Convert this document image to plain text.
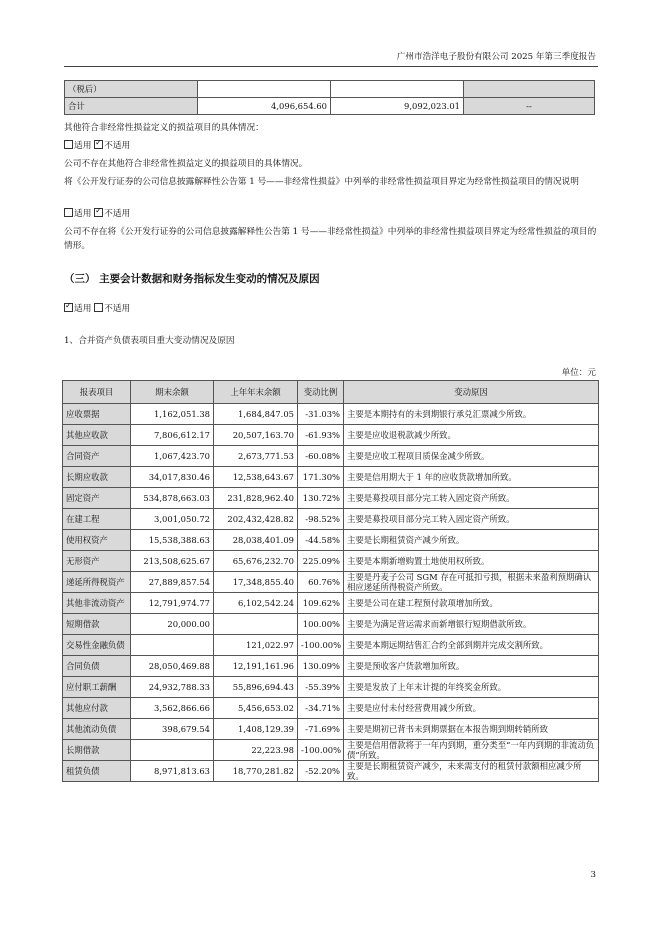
广州市浩洋电子股份有限公司 2025 年第三季度报告
（税后）			
合计	4,096,654.60	9,092,023.01	--
其他符合非经常性损益定义的损益项目的具体情况：
适用 ✓ 不适用
公司不存在其他符合非经常性损益定义的损益项目的具体情况。
将《公开发行证券的公司信息披露解释性公告第 1 号——非经常性损益》中列举的非经常性损益项目界定为经常性损益项目的情况说明
适用 ✓ 不适用
公司不存在将《公开发行证券的公司信息披露解释性公告第 1 号——非经常性损益》中列举的非经常性损益项目界定为经常性损益的项目的情形。
（三） 主要会计数据和财务指标发生变动的情况及原因
✓适用 不适用
1、合并资产负债表项目重大变动情况及原因
单位：元
报表项目	期末余额	上年年末余额	变动比例	变动原因
应收票据	1,162,051.38	1,684,847.05	-31.03%	主要是本期持有的未到期银行承兑汇票减少所致。
其他应收款	7,806,612.17	20,507,163.70	-61.93%	主要是应收退税款减少所致。
合同资产	1,067,423.70	2,673,771.53	-60.08%	主要是应收工程项目质保金减少所致。
长期应收款	34,017,830.46	12,538,643.67	171.30%	主要是信用期大于 1 年的应收货款增加所致。
固定资产	534,878,663.03	231,828,962.40	130.72%	主要是募投项目部分完工转入固定资产所致。
在建工程	3,001,050.72	202,432,428.82	-98.52%	主要是募投项目部分完工转入固定资产所致。
使用权资产	15,538,388.63	28,038,401.09	-44.58%	主要是长期租赁资产减少所致。
无形资产	213,508,625.67	65,676,232.70	225.09%	主要是本期新增购置土地使用权所致。
递延所得税资产	27,889,857.54	17,348,855.40	60.76%	主要是丹麦子公司 SGM 存在可抵扣亏损，根据未来盈利预期确认相应递延所得税资产所致。
其他非流动资产	12,791,974.77	6,102,542.24	109.62%	主要是公司在建工程预付款项增加所致。
短期借款	20,000.00		100.00%	主要是为满足营运需求而新增银行短期借款所致。
交易性金融负债		121,022.97	-100.00%	主要是本期远期结售汇合约全部到期并完成交割所致。
合同负债	28,050,469.88	12,191,161.96	130.09%	主要是预收客户货款增加所致。
应付职工薪酬	24,932,788.33	55,896,694.43	-55.39%	主要是发放了上年末计提的年终奖金所致。
其他应付款	3,562,866.66	5,456,653.02	-34.71%	主要是应付未付经营费用减少所致。
其他流动负债	398,679.54	1,408,129.39	-71.69%	主要是期初已背书未到期票据在本报告期到期转销所致
长期借款		22,223.98	-100.00%	主要是信用借款将于一年内到期，重分类至“一年内到期的非流动负债”所致。
租赁负债	8,971,813.63	18,770,281.82	-52.20%	主要是长期租赁资产减少，未来需支付的租赁付款额相应减少所致。
3
